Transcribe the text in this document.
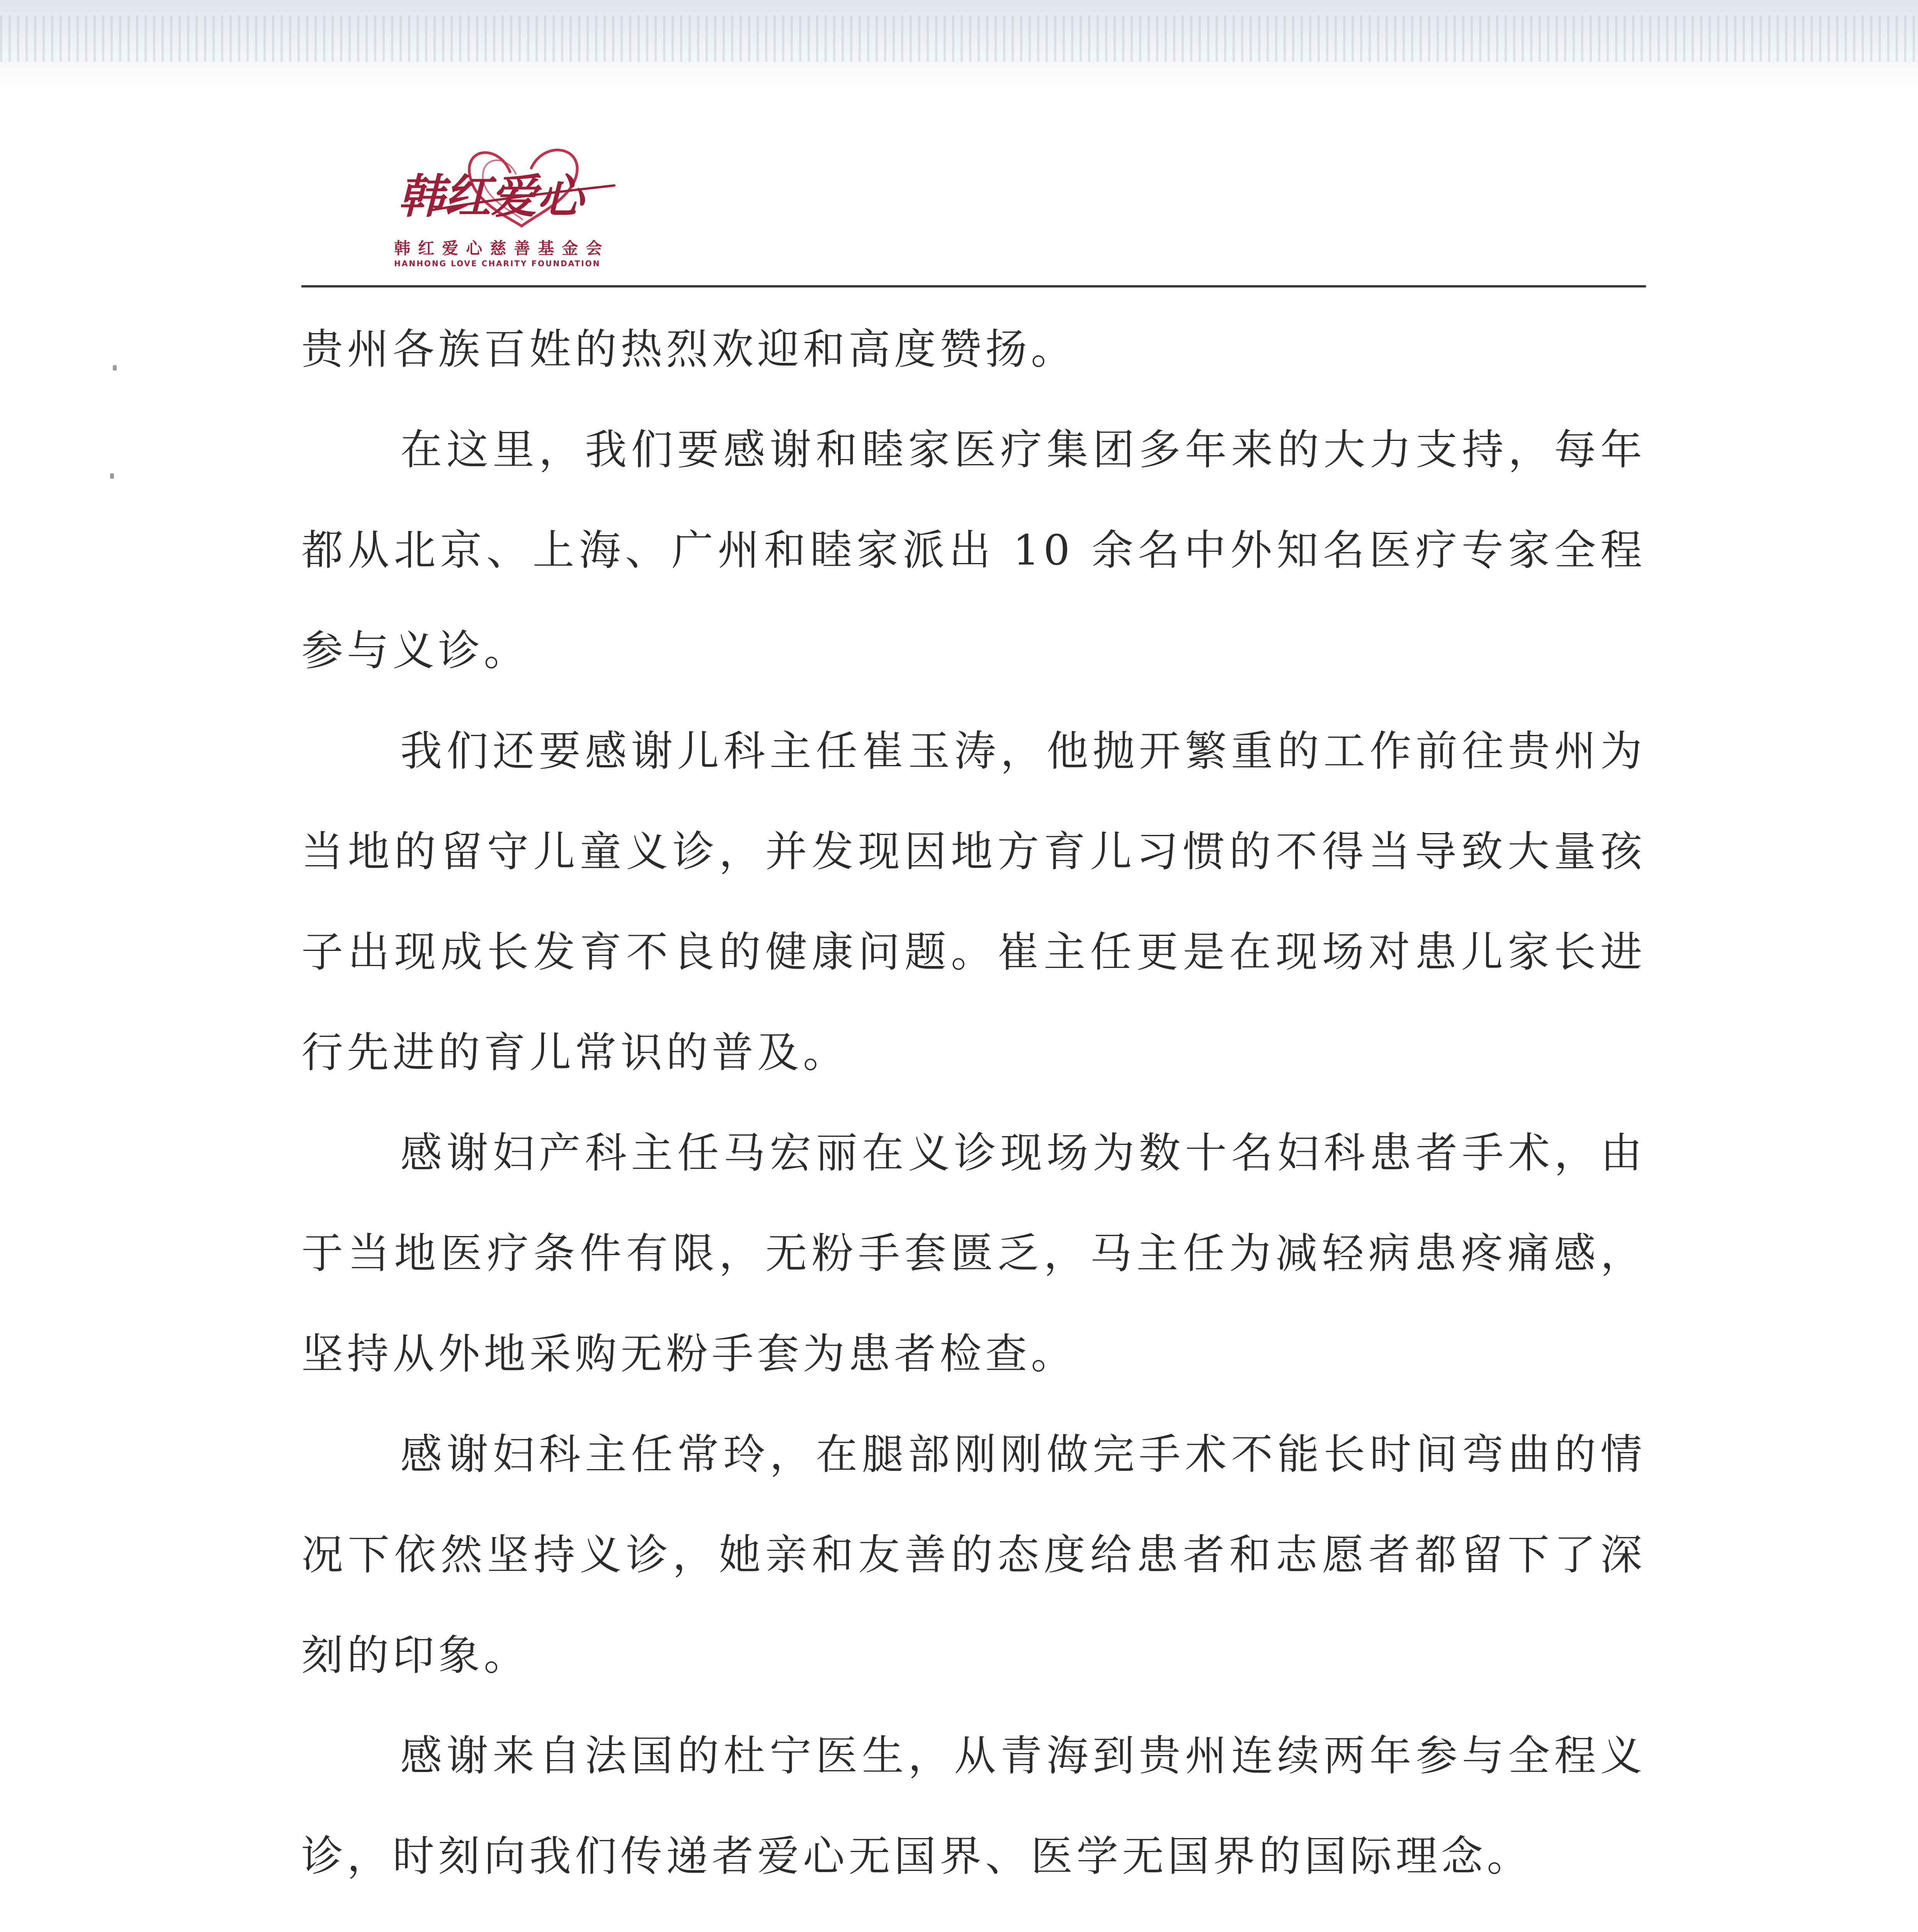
韩红爱心
韩红爱心慈善基金会
HANHONG LOVE CHARITY FOUNDATION

贵州各族百姓的热烈欢迎和高度赞扬。

在这里，我们要感谢和睦家医疗集团多年来的大力支持，每年都从北京、上海、广州和睦家派出 10 余名中外知名医疗专家全程参与义诊。

我们还要感谢儿科主任崔玉涛，他抛开繁重的工作前往贵州为当地的留守儿童义诊，并发现因地方育儿习惯的不得当导致大量孩子出现成长发育不良的健康问题。崔主任更是在现场对患儿家长进行先进的育儿常识的普及。

感谢妇产科主任马宏丽在义诊现场为数十名妇科患者手术，由于当地医疗条件有限，无粉手套匮乏，马主任为减轻病患疼痛感，坚持从外地采购无粉手套为患者检查。

感谢妇科主任常玲，在腿部刚刚做完手术不能长时间弯曲的情况下依然坚持义诊，她亲和友善的态度给患者和志愿者都留下了深刻的印象。

感谢来自法国的杜宁医生，从青海到贵州连续两年参与全程义诊，时刻向我们传递者爱心无国界、医学无国界的国际理念。
